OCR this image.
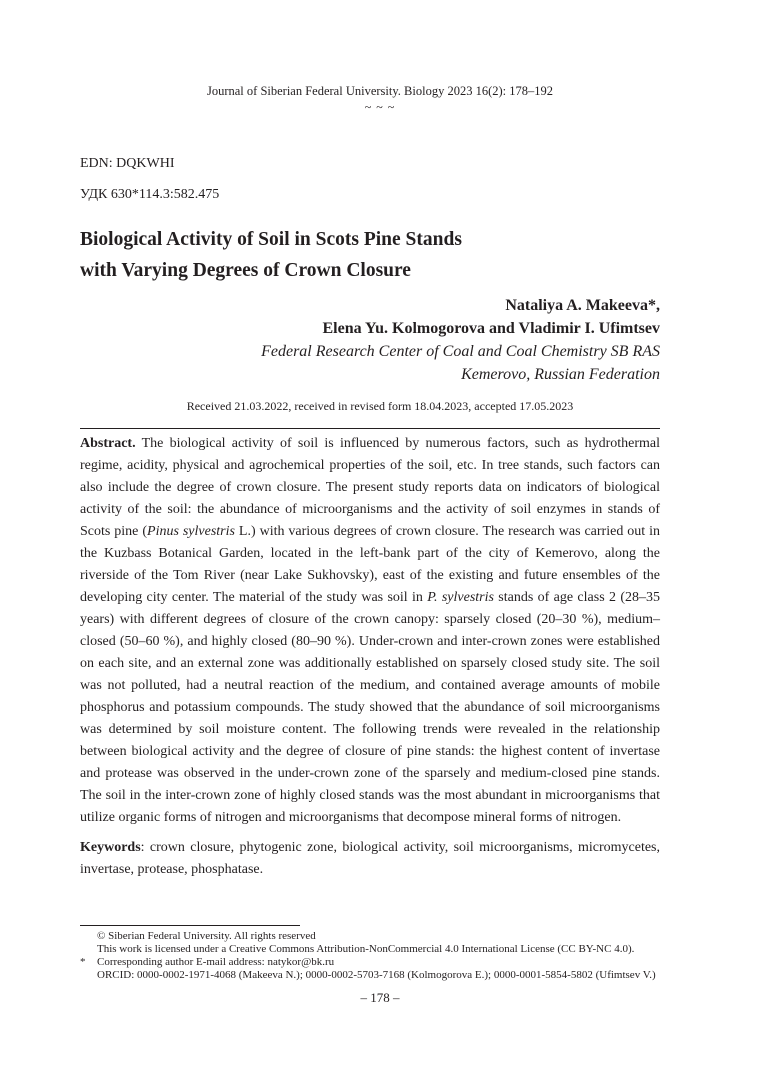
Journal of Siberian Federal University. Biology 2023 16(2): 178–192
~ ~ ~
EDN: DQKWHI
УДК 630*114.3:582.475
Biological Activity of Soil in Scots Pine Stands
with Varying Degrees of Crown Closure
Nataliya A. Makeeva*,
Elena Yu. Kolmogorova and Vladimir I. Ufimtsev
Federal Research Center of Coal and Coal Chemistry SB RAS
Kemerovo, Russian Federation
Received 21.03.2022, received in revised form 18.04.2023, accepted 17.05.2023
Abstract. The biological activity of soil is influenced by numerous factors, such as hydrothermal regime, acidity, physical and agrochemical properties of the soil, etc. In tree stands, such factors can also include the degree of crown closure. The present study reports data on indicators of biological activity of the soil: the abundance of microorganisms and the activity of soil enzymes in stands of Scots pine (Pinus sylvestris L.) with various degrees of crown closure. The research was carried out in the Kuzbass Botanical Garden, located in the left-bank part of the city of Kemerovo, along the riverside of the Tom River (near Lake Sukhovsky), east of the existing and future ensembles of the developing city center. The material of the study was soil in P. sylvestris stands of age class 2 (28–35 years) with different degrees of closure of the crown canopy: sparsely closed (20–30 %), medium–closed (50–60 %), and highly closed (80–90 %). Under-crown and inter-crown zones were established on each site, and an external zone was additionally established on sparsely closed study site. The soil was not polluted, had a neutral reaction of the medium, and contained average amounts of mobile phosphorus and potassium compounds. The study showed that the abundance of soil microorganisms was determined by soil moisture content. The following trends were revealed in the relationship between biological activity and the degree of closure of pine stands: the highest content of invertase and protease was observed in the under-crown zone of the sparsely and medium-closed pine stands. The soil in the inter-crown zone of highly closed stands was the most abundant in microorganisms that utilize organic forms of nitrogen and microorganisms that decompose mineral forms of nitrogen.
Keywords: crown closure, phytogenic zone, biological activity, soil microorganisms, micromycetes, invertase, protease, phosphatase.
© Siberian Federal University. All rights reserved
This work is licensed under a Creative Commons Attribution-NonCommercial 4.0 International License (CC BY-NC 4.0).
* Corresponding author E-mail address: natykor@bk.ru
ORCID: 0000-0002-1971-4068 (Makeeva N.); 0000-0002-5703-7168 (Kolmogorova E.); 0000-0001-5854-5802 (Ufimtsev V.)
– 178 –
